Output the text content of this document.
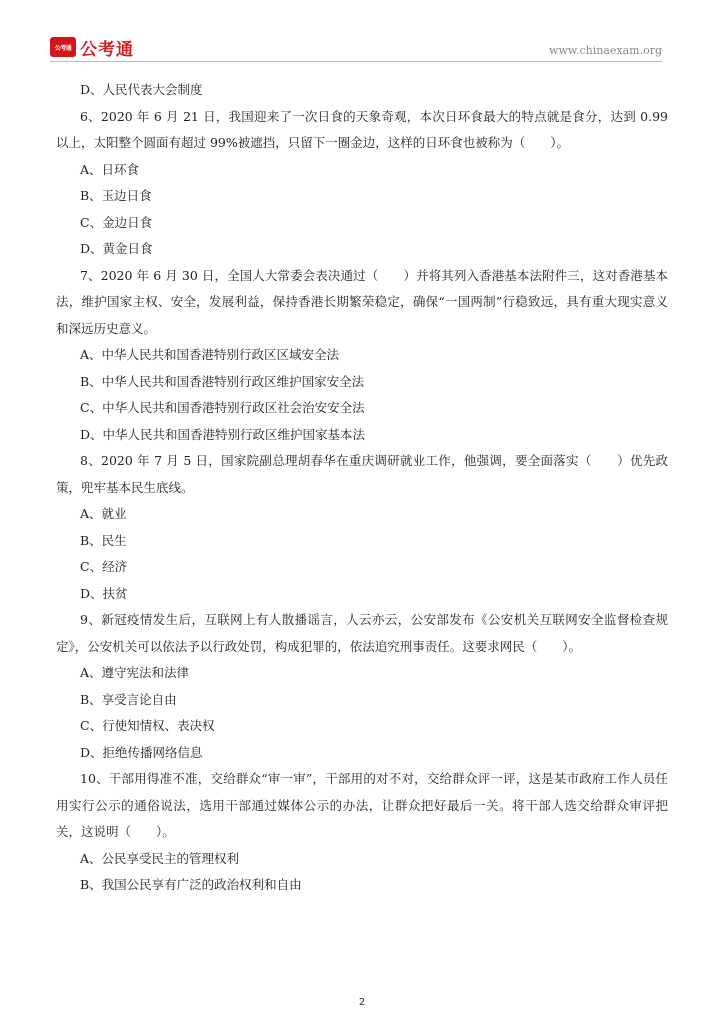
公考通 公考通	www.chinaexam.org
D、人民代表大会制度
6、2020 年 6 月 21 日，我国迎来了一次日食的天象奇观，本次日环食最大的特点就是食分，达到 0.99 以上，太阳整个圆面有超过 99%被遮挡，只留下一圈金边，这样的日环食也被称为（　　）。
A、日环食
B、玉边日食
C、金边日食
D、黄金日食
7、2020 年 6 月 30 日，全国人大常委会表决通过（　　）并将其列入香港基本法附件三，这对香港基本法，维护国家主权、安全，发展利益，保持香港长期繁荣稳定，确保“一国两制”行稳致远，具有重大现实意义和深远历史意义。
A、中华人民共和国香港特别行政区区域安全法
B、中华人民共和国香港特别行政区维护国家安全法
C、中华人民共和国香港特别行政区社会治安安全法
D、中华人民共和国香港特别行政区维护国家基本法
8、2020 年 7 月 5 日，国家院副总理胡春华在重庆调研就业工作，他强调，要全面落实（　　）优先政策，兜牢基本民生底线。
A、就业
B、民生
C、经济
D、扶贫
9、新冠疫情发生后，互联网上有人散播谣言，人云亦云，公安部发布《公安机关互联网安全监督检查规定》，公安机关可以依法予以行政处罚，构成犯罪的，依法追究刑事责任。这要求网民（　　）。
A、遵守宪法和法律
B、享受言论自由
C、行使知情权、表决权
D、拒绝传播网络信息
10、干部用得准不准，交给群众“审一审”，干部用的对不对，交给群众评一评，这是某市政府工作人员任用实行公示的通俗说法，选用干部通过媒体公示的办法，让群众把好最后一关。将干部人选交给群众审评把关，这说明（　　）。
A、公民享受民主的管理权利
B、我国公民享有广泛的政治权利和自由
2
